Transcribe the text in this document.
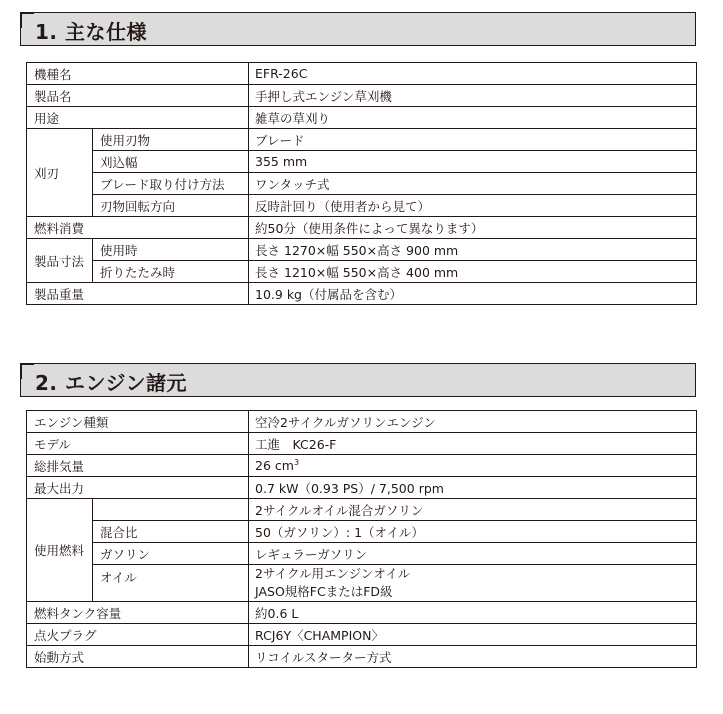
1. 主な仕様
機種名		EFR-26C
製品名		手押し式エンジン草刈機
用途		雑草の草刈り
刈刃	使用刃物	ブレード
	刈込幅	355 mm
	ブレード取り付け方法	ワンタッチ式
	刃物回転方向	反時計回り（使用者から見て）
燃料消費		約50分（使用条件によって異なります）
製品寸法	使用時	長さ 1270×幅 550×高さ 900 mm
	折りたたみ時	長さ 1210×幅 550×高さ 400 mm
製品重量		10.9 kg（付属品を含む）
2. エンジン諸元
エンジン種類		空冷2サイクルガソリンエンジン
モデル		工進　KC26-F
総排気量		26 $cm^3$
最大出力		0.7 kW（0.93 PS）/ 7,500 rpm
使用燃料		2サイクルオイル混合ガソリン
	混合比	50（ガソリン）: 1（オイル）
	ガソリン	レギュラーガソリン
	オイル	2サイクル用エンジンオイル
JASO規格FCまたはFD級

燃料タンク容量		約0.6 L
点火プラグ		RCJ6Y〈CHAMPION〉
始動方式		リコイルスターター方式
